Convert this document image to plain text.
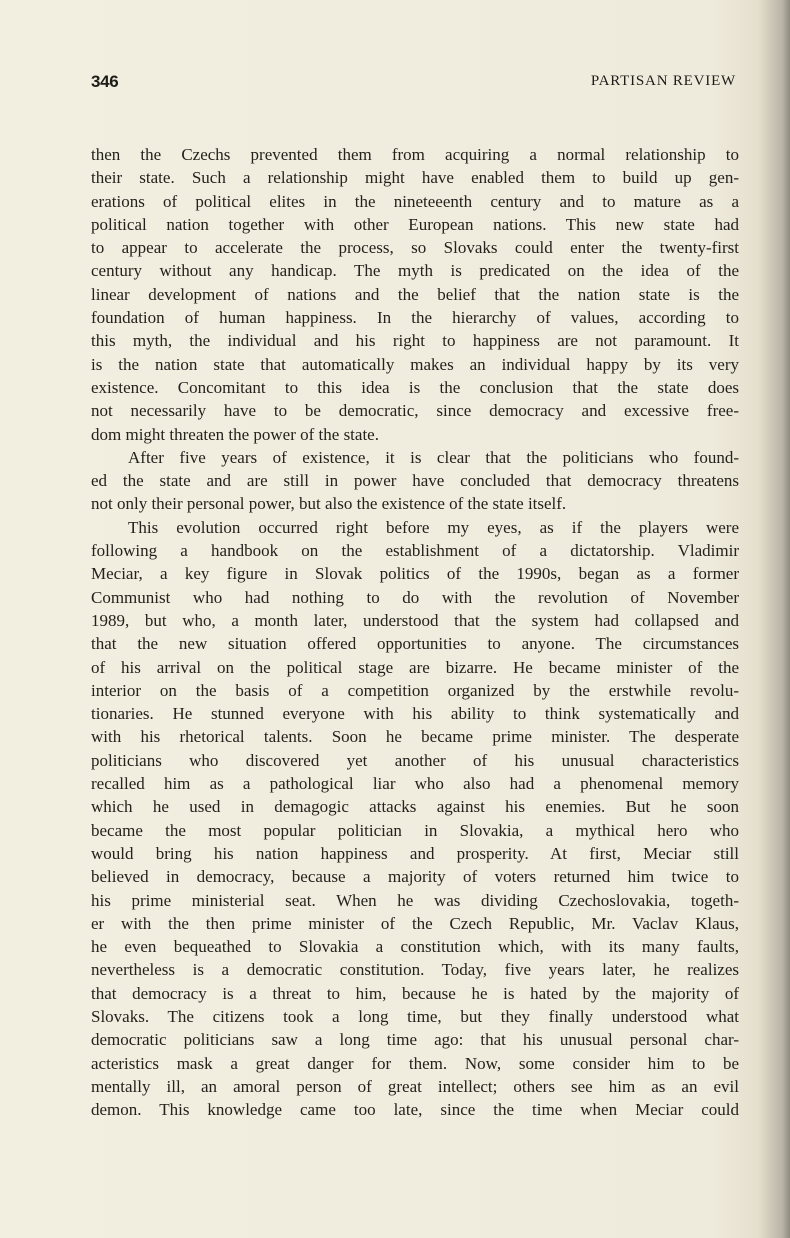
346	PARTISAN REVIEW
then the Czechs prevented them from acquiring a normal relationship to
their state. Such a relationship might have enabled them to build up gen-
erations of political elites in the nineteeenth century and to mature as a
political nation together with other European nations. This new state had
to appear to accelerate the process, so Slovaks could enter the twenty-first
century without any handicap. The myth is predicated on the idea of the
linear development of nations and the belief that the nation state is the
foundation of human happiness. In the hierarchy of values, according to
this myth, the individual and his right to happiness are not paramount. It
is the nation state that automatically makes an individual happy by its very
existence. Concomitant to this idea is the conclusion that the state does
not necessarily have to be democratic, since democracy and excessive free-
dom might threaten the power of the state.
After five years of existence, it is clear that the politicians who found-
ed the state and are still in power have concluded that democracy threatens
not only their personal power, but also the existence of the state itself.
This evolution occurred right before my eyes, as if the players were
following a handbook on the establishment of a dictatorship. Vladimir
Meciar, a key figure in Slovak politics of the 1990s, began as a former
Communist who had nothing to do with the revolution of November
1989, but who, a month later, understood that the system had collapsed and
that the new situation offered opportunities to anyone. The circumstances
of his arrival on the political stage are bizarre. He became minister of the
interior on the basis of a competition organized by the erstwhile revolu-
tionaries. He stunned everyone with his ability to think systematically and
with his rhetorical talents. Soon he became prime minister. The desperate
politicians who discovered yet another of his unusual characteristics
recalled him as a pathological liar who also had a phenomenal memory
which he used in demagogic attacks against his enemies. But he soon
became the most popular politician in Slovakia, a mythical hero who
would bring his nation happiness and prosperity. At first, Meciar still
believed in democracy, because a majority of voters returned him twice to
his prime ministerial seat. When he was dividing Czechoslovakia, togeth-
er with the then prime minister of the Czech Republic, Mr. Vaclav Klaus,
he even bequeathed to Slovakia a constitution which, with its many faults,
nevertheless is a democratic constitution. Today, five years later, he realizes
that democracy is a threat to him, because he is hated by the majority of
Slovaks. The citizens took a long time, but they finally understood what
democratic politicians saw a long time ago: that his unusual personal char-
acteristics mask a great danger for them. Now, some consider him to be
mentally ill, an amoral person of great intellect; others see him as an evil
demon. This knowledge came too late, since the time when Meciar could
